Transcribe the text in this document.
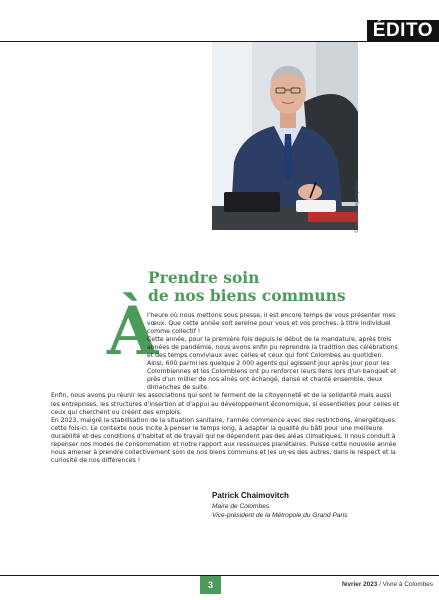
ÉDITO
© Nicolas Krieger/Spiritus
Prendre soin
de nos biens communs
À

l'heure où nous mettons sous presse, il est encore temps de vous présenter mes vœux. Que cette année soit sereine pour vous et vos proches, à titre individuel comme collectif !

Cette année, pour la première fois depuis le début de la mandature, après trois années de pandémie, nous avons enfin pu reprendre la tradition des célébrations et des temps conviviaux avec celles et ceux qui font Colombes au quotidien. Ainsi, 600 parmi les quelque 2 000 agents qui agissent jour après jour pour les Colombiennes et les Colombiens ont pu renforcer leurs liens lors d'un banquet et près d'un millier de nos aînés ont échangé, dansé et chanté ensemble, deux dimanches de suite.

Enfin, nous avons pu réunir les associations qui sont le ferment de la citoyenneté et de la solidarité mais aussi les entreprises, les structures d'insertion et d'appui au développement économique, si essentielles pour celles et ceux qui cherchent ou créent des emplois.

En 2023, malgré la stabilisation de la situation sanitaire, l'année commence avec des restrictions, énergétiques cette fois-ci. Le contexte nous incite à penser le temps long, à adapter la qualité du bâti pour une meilleure durabilité et des conditions d'habitat et de travail qui ne dépendent pas des aléas climatiques. Il nous conduit à repenser nos modes de consommation et notre rapport aux ressources planétaires. Puisse cette nouvelle année nous amener à prendre collectivement soin de nos biens communs et les un·es des autres, dans le respect et la curiosité de nos différences !

Patrick Chaimovitch

Maire de Colombes

Vice-président de la Métropole du Grand Paris

3	février 2023 / Vivre à Colombes
